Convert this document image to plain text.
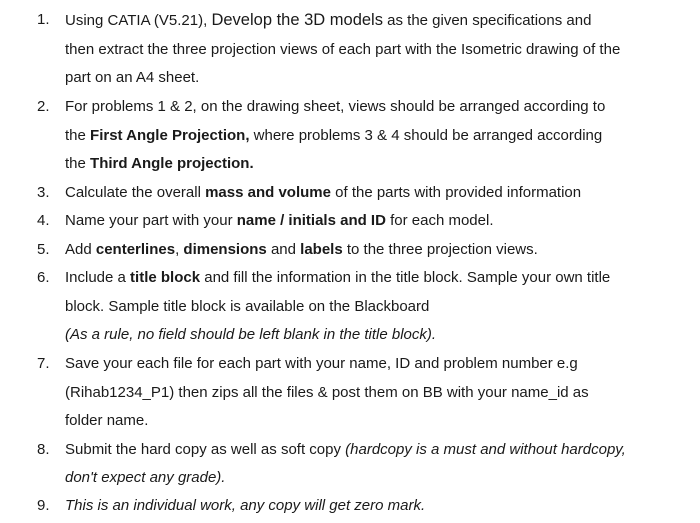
1.	Using CATIA (V5.21), Develop the 3D models as the given specifications and
then extract the three projection views of each part with the Isometric drawing of the
part on an A4 sheet.
2.	For problems 1 & 2, on the drawing sheet, views should be arranged according to
the First Angle Projection, where problems 3 & 4 should be arranged according
the Third Angle projection.
3.	Calculate the overall mass and volume of the parts with provided information
4.	Name your part with your name / initials and ID for each model.
5.	Add centerlines, dimensions and labels to the three projection views.
6.	Include a title block and fill the information in the title block. Sample your own title
block. Sample title block is available on the Blackboard
(As a rule, no field should be left blank in the title block).
7.	Save your each file for each part with your name, ID and problem number e.g
(Rihab1234_P1) then zips all the files & post them on BB with your name_id as
folder name.
8.	Submit the hard copy as well as soft copy (hardcopy is a must and without hardcopy,
don't expect any grade).
9.	This is an individual work, any copy will get zero mark.
